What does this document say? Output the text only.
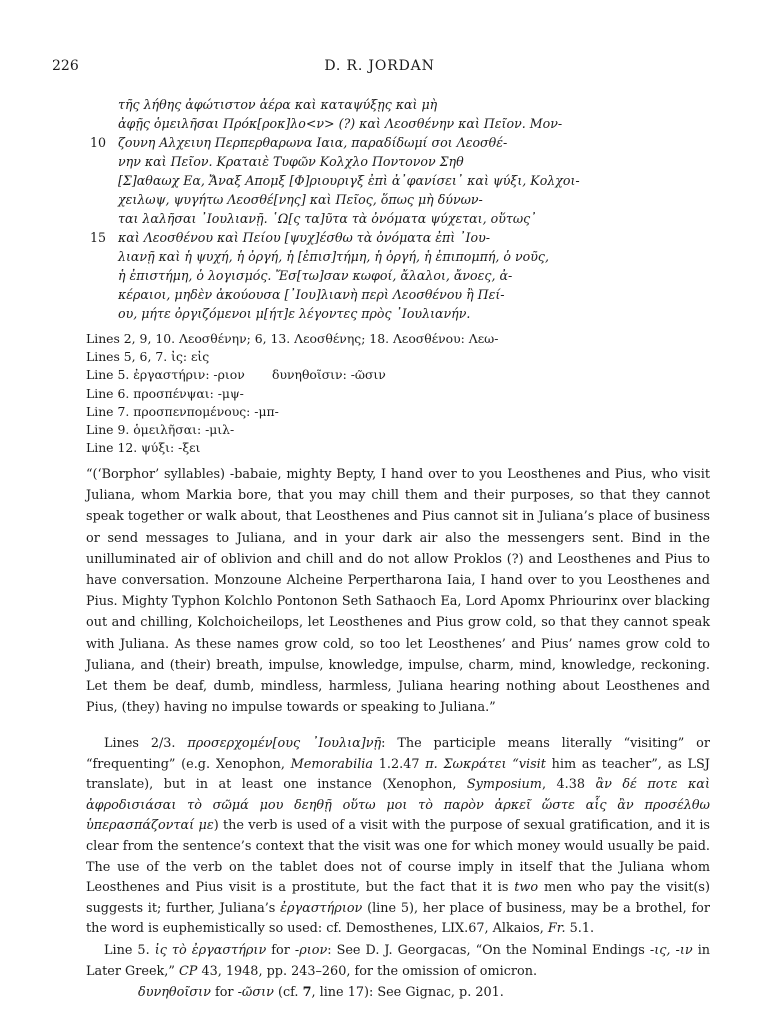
226	D. R. JORDAN
τῆς λήθης ἀφώτιστον ἀέρα καὶ καταψύξῃς καὶ μὴ
ἀφῇς ὁμειλῆσαι Πρόκ[ροκ]λο<ν> (?) καὶ Λεοσθένην καὶ Πεῖον. Μον-
10 ζουνη Αλχειυη Περπερθαρωνα Ιαια, παραδίδωμί σοι Λεοσθέ-
νην καὶ Πεῖον. Κραταιὲ Τυφῶν Κολχλο Ποντονον Σηθ
[Σ]αθαωχ Εα, Ἄναξ Απομξ [Φ]ριουριγξ ἐπὶ ἀ᾿φανίσει᾿ καὶ ψύξι, Κολχοι-
χειλωψ, ψυγήτω Λεοσθέ[νης] καὶ Πεῖος, ὅπως μὴ δύνων-
ται λαλῆσαι ᾿Ιουλιανῇ. ῾Ω[ς τα]ῦτα τὰ ὀνόματα ψύχεται, οὕτως᾿
15 καὶ Λεοσθένου καὶ Πείου [ψυχ]έσθω τὰ ὀνόματα ἐπὶ ᾿Ιου-
λιανῇ καὶ ἡ ψυχή, ἡ ὀργή, ἡ [ἐπισ]τήμη, ἡ ὀργή, ἡ ἐπιπομπή, ὁ νοῦς,
ἡ ἐπιστήμη, ὁ λογισμός. Ἔσ[τω]σαν κωφοί, ἄλαλοι, ἄνοες, ἀ-
κέραιοι, μηδὲν ἀκούουσα [᾿Ιου]λιανὴ περὶ Λεοσθένου ἢ Πεί-
ου, μήτε ὀργιζόμενοι μ[ήτ]ε λέγοντες πρὸς ᾿Ιουλιανήν.
Lines 2, 9, 10. Λεοσθένην; 6, 13. Λεοσθένης; 18. Λεοσθένου: Λεω-
Lines 5, 6, 7. ἰς: εἰς
Line 5. ἐργαστήριν: -ριον δυνηθοῖσιν: -ῶσιν
Line 6. προσπένψαι: -μψ-
Line 7. προσπενπομένους: -μπ-
Line 9. ὁμειλῆσαι: -μιλ-
Line 12. ψύξι: -ξει

“(‘Borphor’ syllables) -babaie, mighty Bepty, I hand over to you Leosthenes and Pius, who visit Juliana, whom Markia bore, that you may chill them and their purposes, so that they cannot speak together or walk about, that Leosthenes and Pius cannot sit in Juliana’s place of business or send messages to Juliana, and in your dark air also the messengers sent. Bind in the unilluminated air of oblivion and chill and do not allow Proklos (?) and Leosthenes and Pius to have conversation. Monzoune Alcheine Perpertharona Iaia, I hand over to you Leosthenes and Pius. Mighty Typhon Kolchlo Pontonon Seth Sathaoch Ea, Lord Apomx Phriourinx over blacking out and chilling, Kolchoicheilops, let Leosthenes and Pius grow cold, so that they cannot speak with Juliana. As these names grow cold, so too let Leosthenes’ and Pius’ names grow cold to Juliana, and (their) breath, impulse, knowledge, impulse, charm, mind, knowledge, reckoning. Let them be deaf, dumb, mindless, harmless, Juliana hearing nothing about Leosthenes and Pius, (they) having no impulse towards or speaking to Juliana.”

Lines 2/3. προσερχομέν[ους ᾿Ιουλια]νῇ: The participle means literally “visiting” or “frequenting” (e.g. Xenophon, Memorabilia 1.2.47 π. Σωκράτει “visit him as teacher”, as LSJ translate), but in at least one instance (Xenophon, Symposium, 4.38 ἂν δέ ποτε καὶ ἀφροδισιάσαι τὸ σῶμά μου δεηθῇ οὕτω μοι τὸ παρὸν ἀρκεῖ ὥστε αἷς ἂν προσέλθω ὑπερασπάζονταί με) the verb is used of a visit with the purpose of sexual gratification, and it is clear from the sentence’s context that the visit was one for which money would usually be paid. The use of the verb on the tablet does not of course imply in itself that the Juliana whom Leosthenes and Pius visit is a prostitute, but the fact that it is two men who pay the visit(s) suggests it; further, Juliana’s ἐργαστήριον (line 5), her place of business, may be a brothel, for the word is euphemistically so used: cf. Demosthenes, LIX.67, Alkaios, Fr. 5.1.

Line 5. ἰς τὸ ἐργαστήριν for -ριον: See D. J. Georgacas, “On the Nominal Endings -ις, -ιν in Later Greek,” CP 43, 1948, pp. 243–260, for the omission of omicron.

δυνηθοῖσιν for -ῶσιν (cf. 7, line 17): See Gignac, p. 201.
